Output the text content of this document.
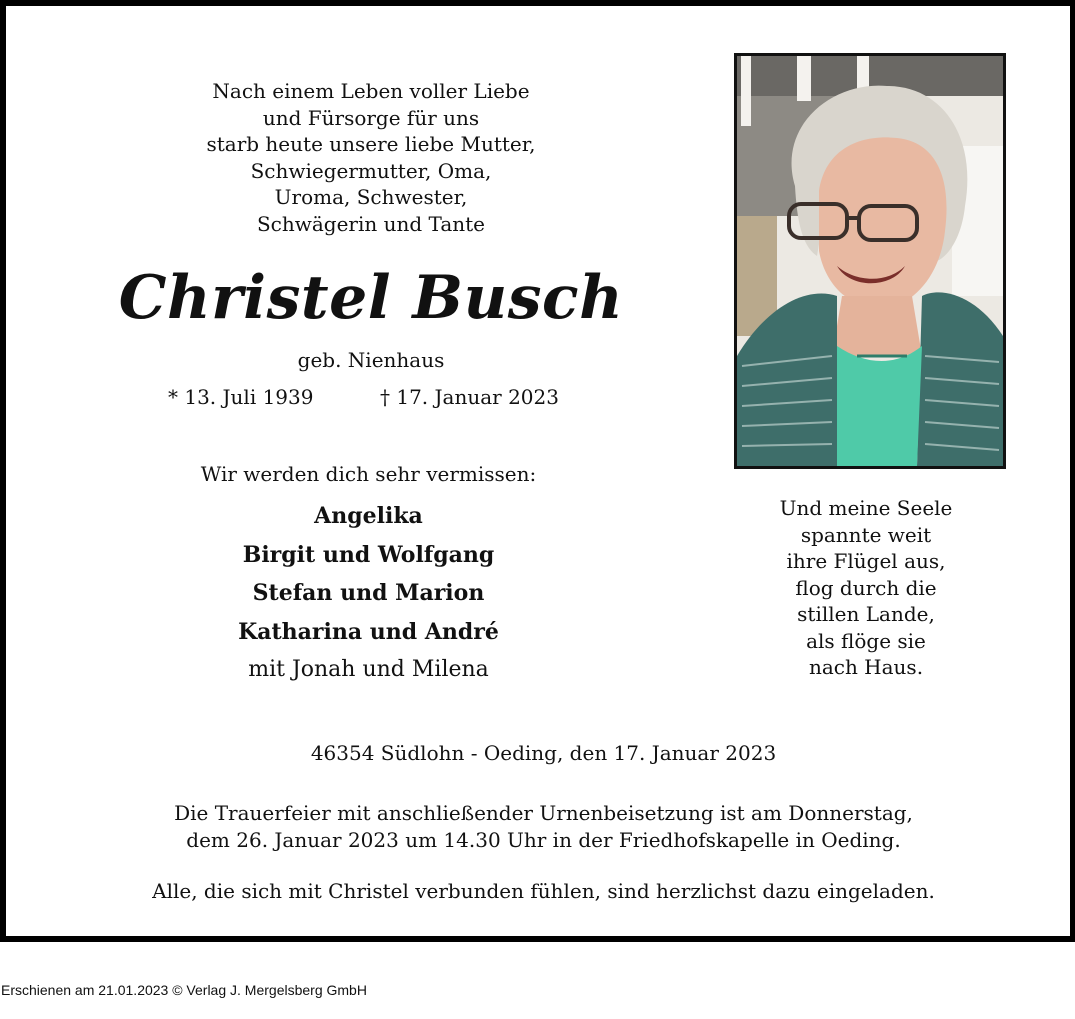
Nach einem Leben voller Liebe
und Fürsorge für uns
starb heute unsere liebe Mutter,
Schwiegermutter, Oma,
Uroma, Schwester,
Schwägerin und Tante
Christel Busch
geb. Nienhaus
* 13. Juli 1939	† 17. Januar 2023
Wir werden dich sehr vermissen:
Angelika
Birgit und Wolfgang
Stefan und Marion
Katharina und André
mit Jonah und Milena
Und meine Seele
spannte weit
ihre Flügel aus,
flog durch die
stillen Lande,
als flöge sie
nach Haus.
46354 Südlohn - Oeding, den 17. Januar 2023
Die Trauerfeier mit anschließender Urnenbeisetzung ist am Donnerstag,
dem 26. Januar 2023 um 14.30 Uhr in der Friedhofskapelle in Oeding.
Alle, die sich mit Christel verbunden fühlen, sind herzlichst dazu eingeladen.
Erschienen am 21.01.2023 © Verlag J. Mergelsberg GmbH
